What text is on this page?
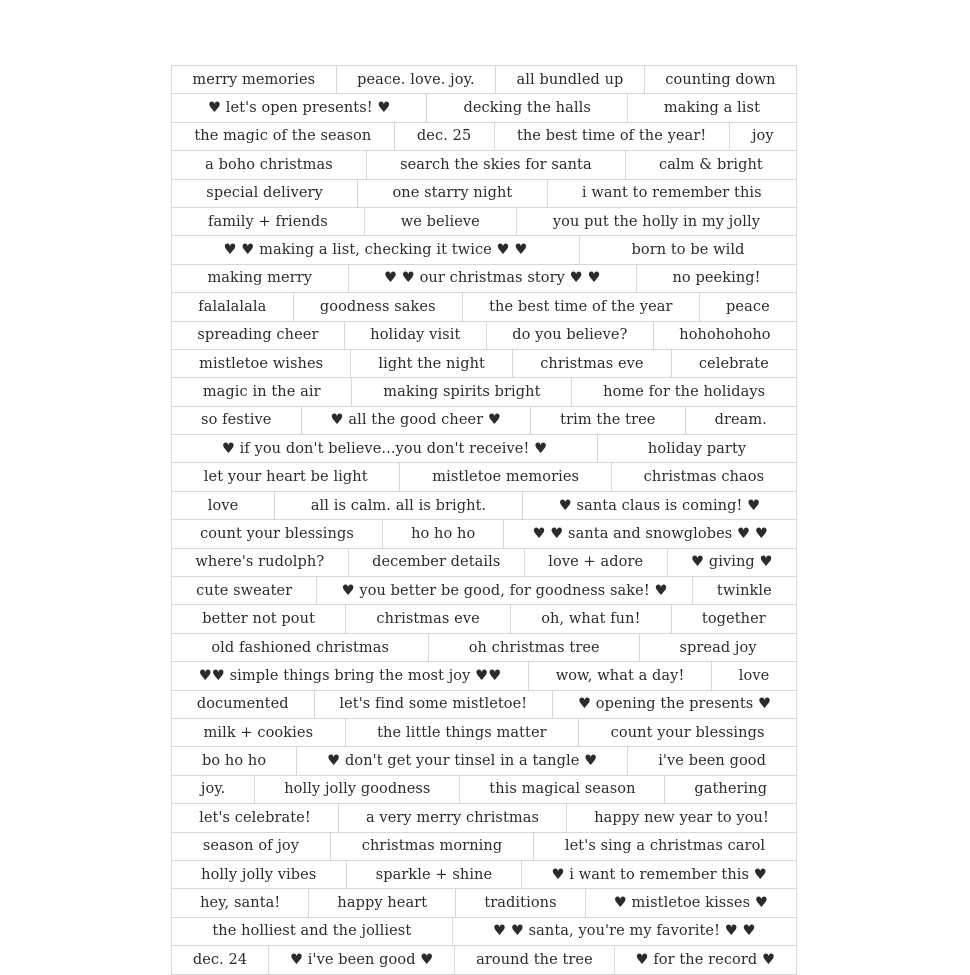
merry memories	peace. love. joy.	all bundled up	counting down
♥ let's open presents! ♥	decking the halls	making a list
the magic of the season	dec. 25	the best time of the year!	joy
a boho christmas	search the skies for santa	calm & bright
special delivery	one starry night	i want to remember this
family + friends	we believe	you put the holly in my jolly
♥ ♥ making a list, checking it twice ♥ ♥	born to be wild
making merry	♥ ♥ our christmas story ♥ ♥	no peeking!
falalalala	goodness sakes	the best time of the year	peace
spreading cheer	holiday visit	do you believe?	hohohohoho
mistletoe wishes	light the night	christmas eve	celebrate
magic in the air	making spirits bright	home for the holidays
so festive	♥ all the good cheer ♥	trim the tree	dream.
♥ if you don't believe...you don't receive! ♥	holiday party
let your heart be light	mistletoe memories	christmas chaos
love	all is calm. all is bright.	♥ santa claus is coming! ♥
count your blessings	ho ho ho	♥ ♥ santa and snowglobes ♥ ♥
where's rudolph?	december details	love + adore	♥ giving ♥
cute sweater	♥ you better be good, for goodness sake! ♥	twinkle
better not pout	christmas eve	oh, what fun!	together
old fashioned christmas	oh christmas tree	spread joy
♥♥ simple things bring the most joy ♥♥	wow, what a day!	love
documented	let's find some mistletoe!	♥ opening the presents ♥
milk + cookies	the little things matter	count your blessings
bo ho ho	♥ don't get your tinsel in a tangle ♥	i've been good
joy.	holly jolly goodness	this magical season	gathering
let's celebrate!	a very merry christmas	happy new year to you!
season of joy	christmas morning	let's sing a christmas carol
holly jolly vibes	sparkle + shine	♥ i want to remember this ♥
hey, santa!	happy heart	traditions	♥ mistletoe kisses ♥
the holliest and the jolliest	♥ ♥ santa, you're my favorite! ♥ ♥
dec. 24	♥ i've been good ♥	around the tree	♥ for the record ♥
